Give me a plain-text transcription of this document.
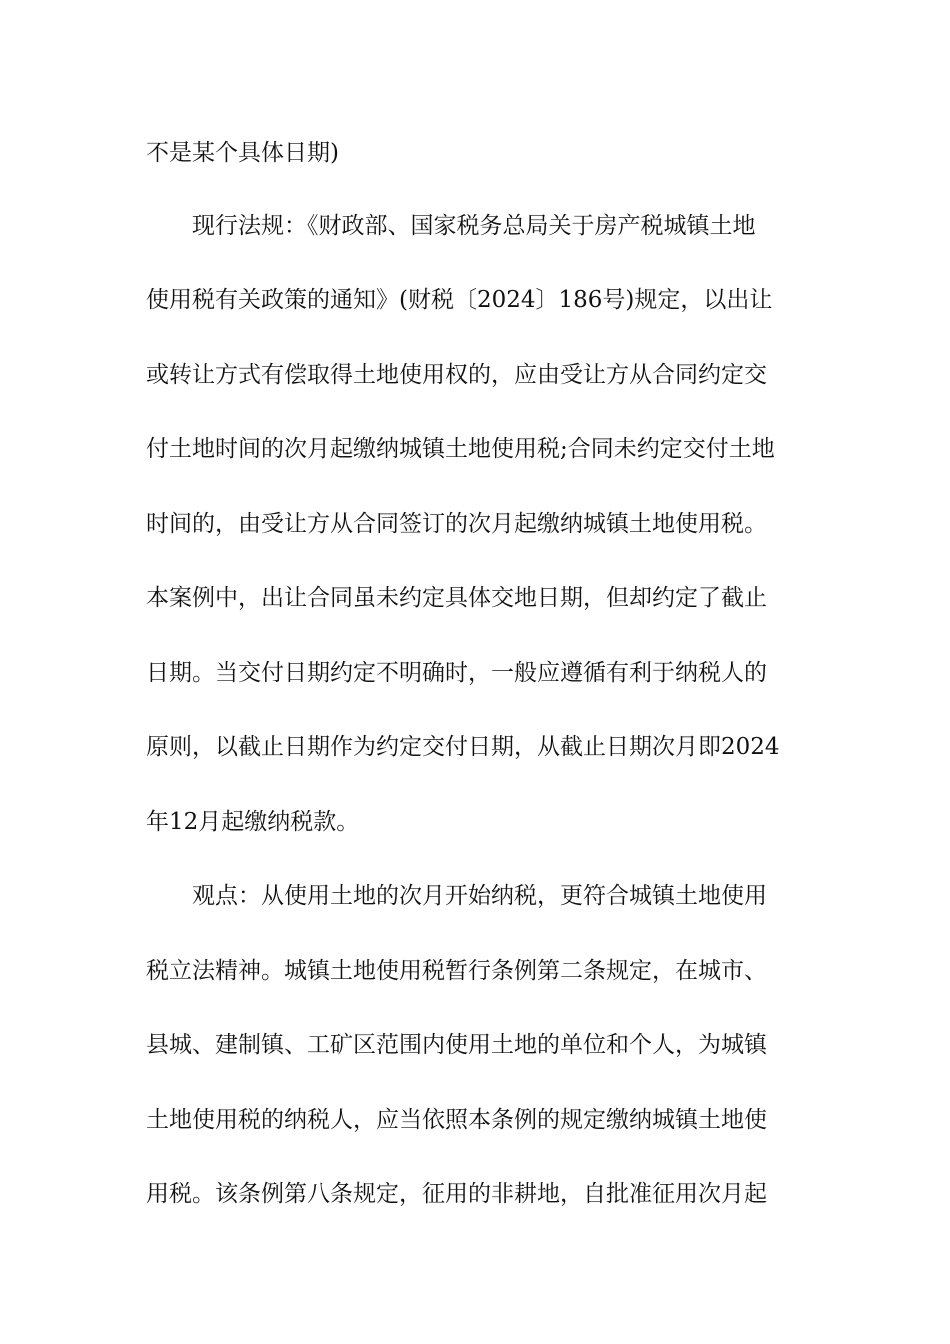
不是某个具体日期)
现行法规：《财政部、国家税务总局关于房产税城镇土地
使用税有关政策的通知》(财税〔2024〕186号)规定，以出让
或转让方式有偿取得土地使用权的，应由受让方从合同约定交
付土地时间的次月起缴纳城镇土地使用税;合同未约定交付土地
时间的，由受让方从合同签订的次月起缴纳城镇土地使用税。
本案例中，出让合同虽未约定具体交地日期，但却约定了截止
日期。当交付日期约定不明确时，一般应遵循有利于纳税人的
原则，以截止日期作为约定交付日期，从截止日期次月即2024
年12月起缴纳税款。
观点：从使用土地的次月开始纳税，更符合城镇土地使用
税立法精神。城镇土地使用税暂行条例第二条规定，在城市、
县城、建制镇、工矿区范围内使用土地的单位和个人，为城镇
土地使用税的纳税人，应当依照本条例的规定缴纳城镇土地使
用税。该条例第八条规定，征用的非耕地，自批准征用次月起
